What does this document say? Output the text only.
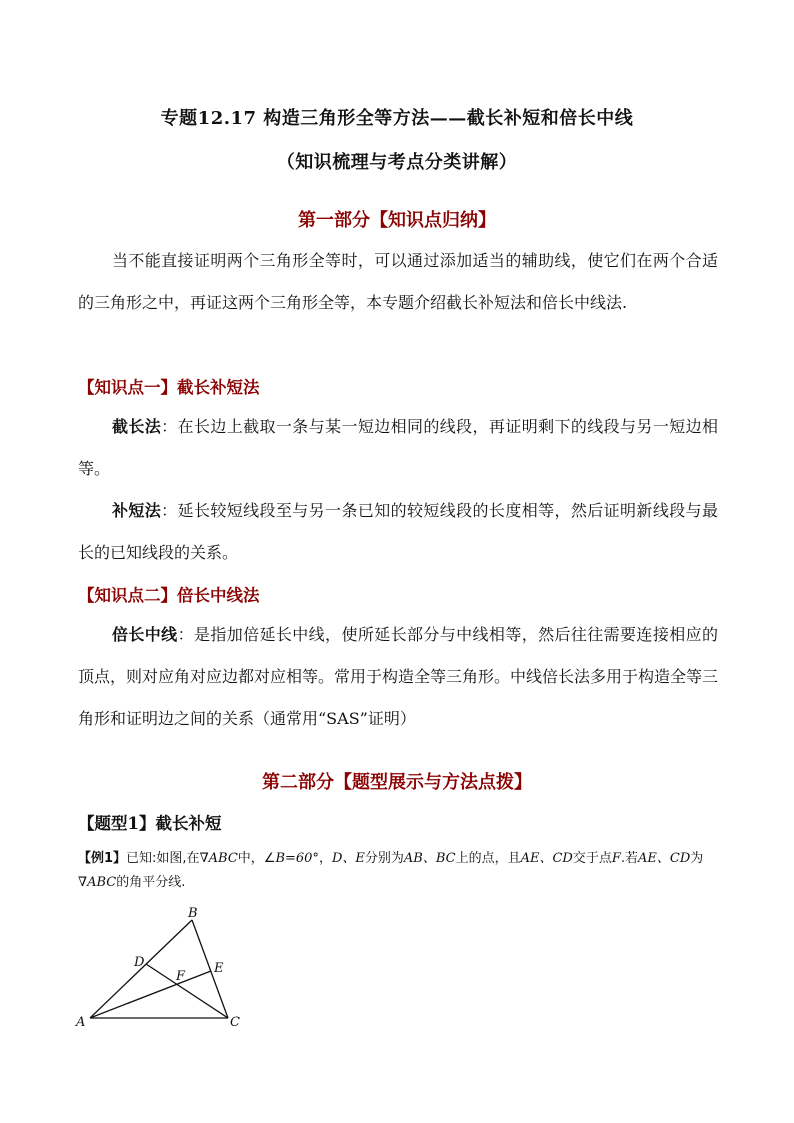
专题12.17 构造三角形全等方法——截长补短和倍长中线
（知识梳理与考点分类讲解）
第一部分【知识点归纳】
当不能直接证明两个三角形全等时，可以通过添加适当的辅助线，使它们在两个合适的三角形之中，再证这两个三角形全等，本专题介绍截长补短法和倍长中线法.
【知识点一】截长补短法
截长法：在长边上截取一条与某一短边相同的线段，再证明剩下的线段与另一短边相等。
补短法：延长较短线段至与另一条已知的较短线段的长度相等，然后证明新线段与最长的已知线段的关系。
【知识点二】倍长中线法
倍长中线：是指加倍延长中线，使所延长部分与中线相等，然后往往需要连接相应的顶点，则对应角对应边都对应相等。常用于构造全等三角形。中线倍长法多用于构造全等三角形和证明边之间的关系（通常用“SAS”证明）
第二部分【题型展示与方法点拨】
【题型1】截长补短
【例1】已知:如图,在∇ABC中，∠B=60°，D、E分别为AB、BC上的点，且AE、CD交于点F.若AE、CD为∇ABC的角平分线.
A
B
C
D	E
F
